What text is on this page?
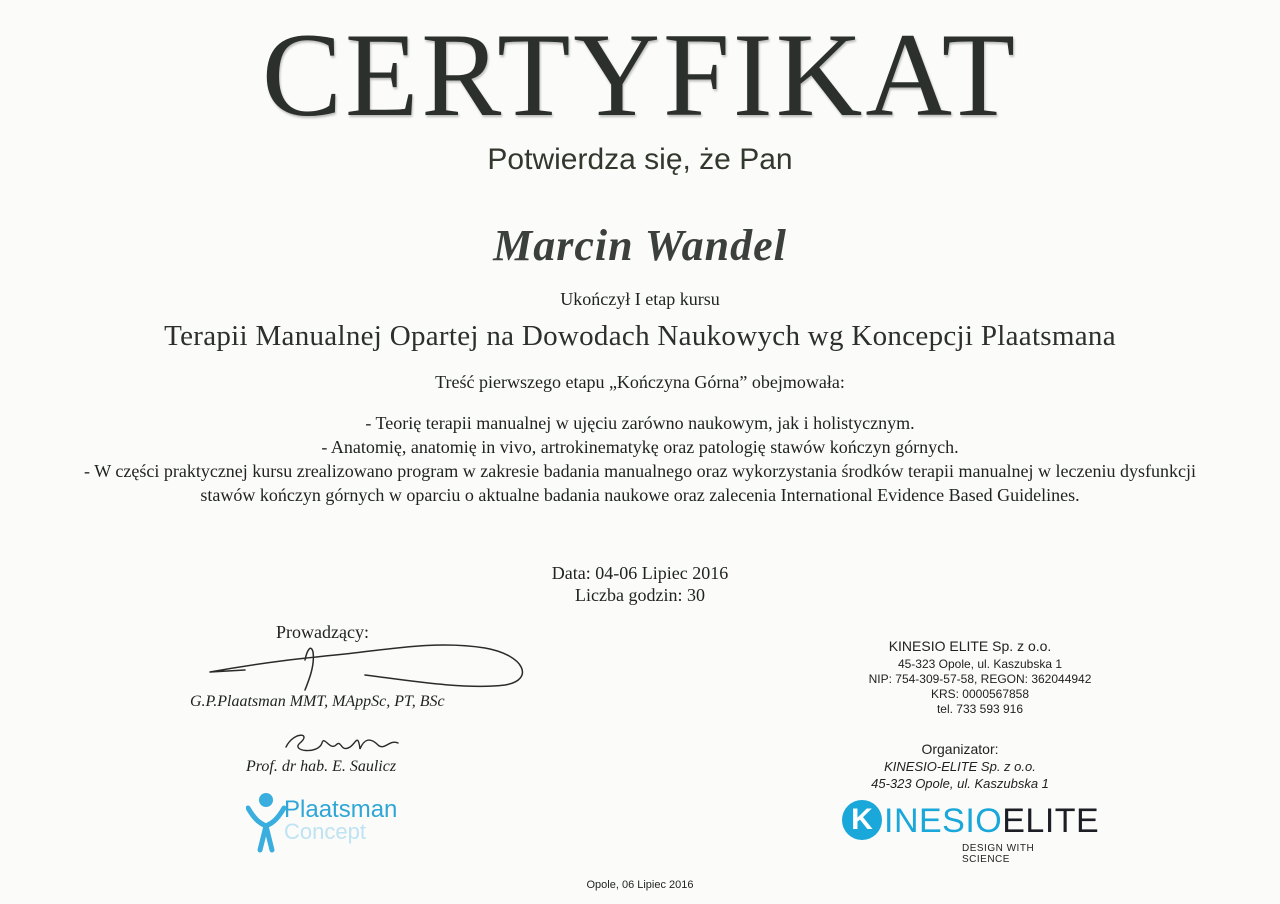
CERTYFIKAT
Potwierdza się, że Pan
Marcin Wandel
Ukończył I etap kursu
Terapii Manualnej Opartej na Dowodach Naukowych wg Koncepcji Plaatsmana
Treść pierwszego etapu „Kończyna Górna” obejmowała:
- Teorię terapii manualnej w ujęciu zarówno naukowym, jak i holistycznym.
- Anatomię, anatomię in vivo, artrokinematykę oraz patologię stawów kończyn górnych.
- W części praktycznej kursu zrealizowano program w zakresie badania manualnego oraz wykorzystania środków terapii manualnej w leczeniu dysfunkcji stawów kończyn górnych w oparciu o aktualne badania naukowe oraz zalecenia International Evidence Based Guidelines.
Data: 04-06 Lipiec 2016
Liczba godzin: 30
Prowadzący:
G.P.Plaatsman MMT, MAppSc, PT, BSc
Prof. dr hab. E. Saulicz
KINESIO ELITE Sp. z o.o.
45-323 Opole, ul. Kaszubska 1
NIP: 754-309-57-58, REGON: 362044942
KRS: 0000567858
tel. 733 593 916
Organizator:
KINESIO-ELITE Sp. z o.o.
45-323 Opole, ul. Kaszubska 1
Plaatsman
Concept	K INESIOELITE
DESIGN WITH SCIENCE
Opole, 06 Lipiec 2016
